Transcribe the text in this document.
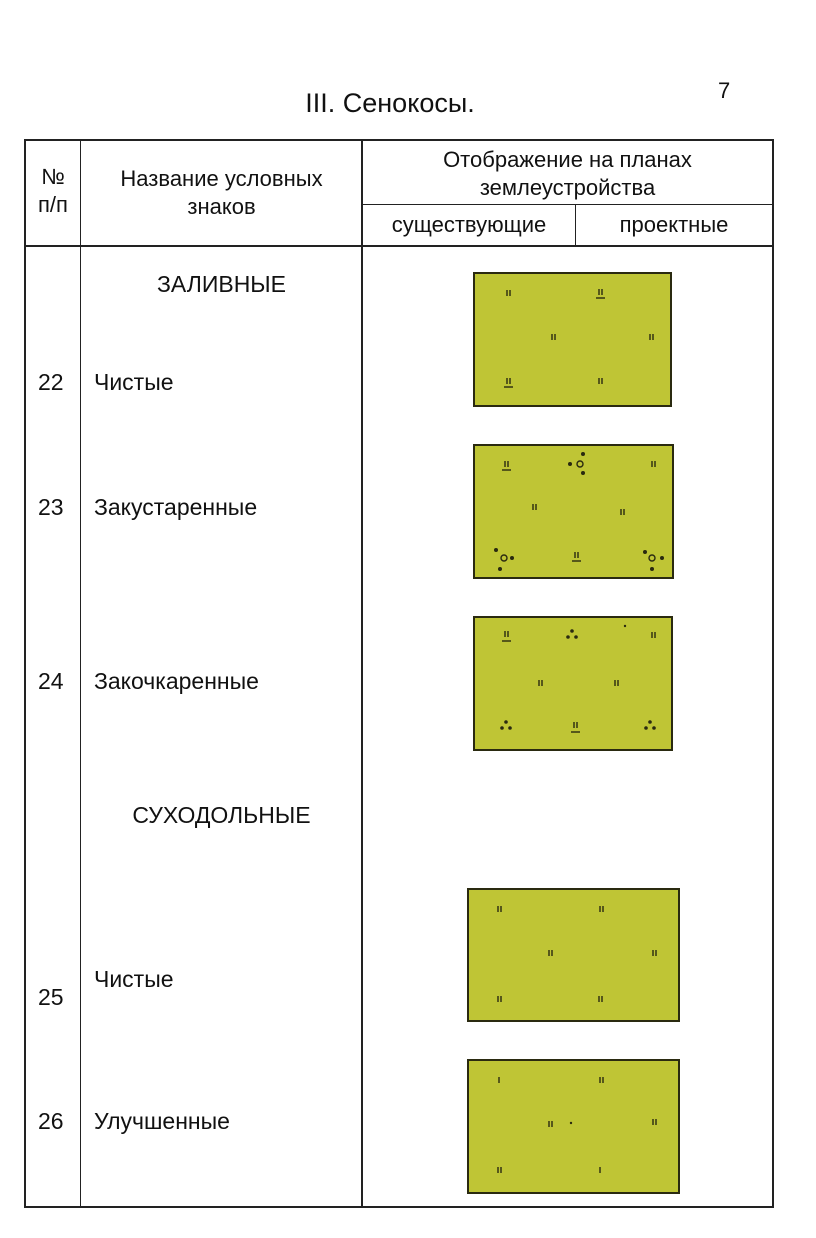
7
III. Сенокосы.
№
п/п
Название условных
знаков
Отображение на планах
землеустройства
существующие	проектные
ЗАЛИВНЫЕ
СУХОДОЛЬНЫЕ
22 Чистые
23 Закустаренные
24 Закочкаренные
25
Чистые
26 Улучшенные
